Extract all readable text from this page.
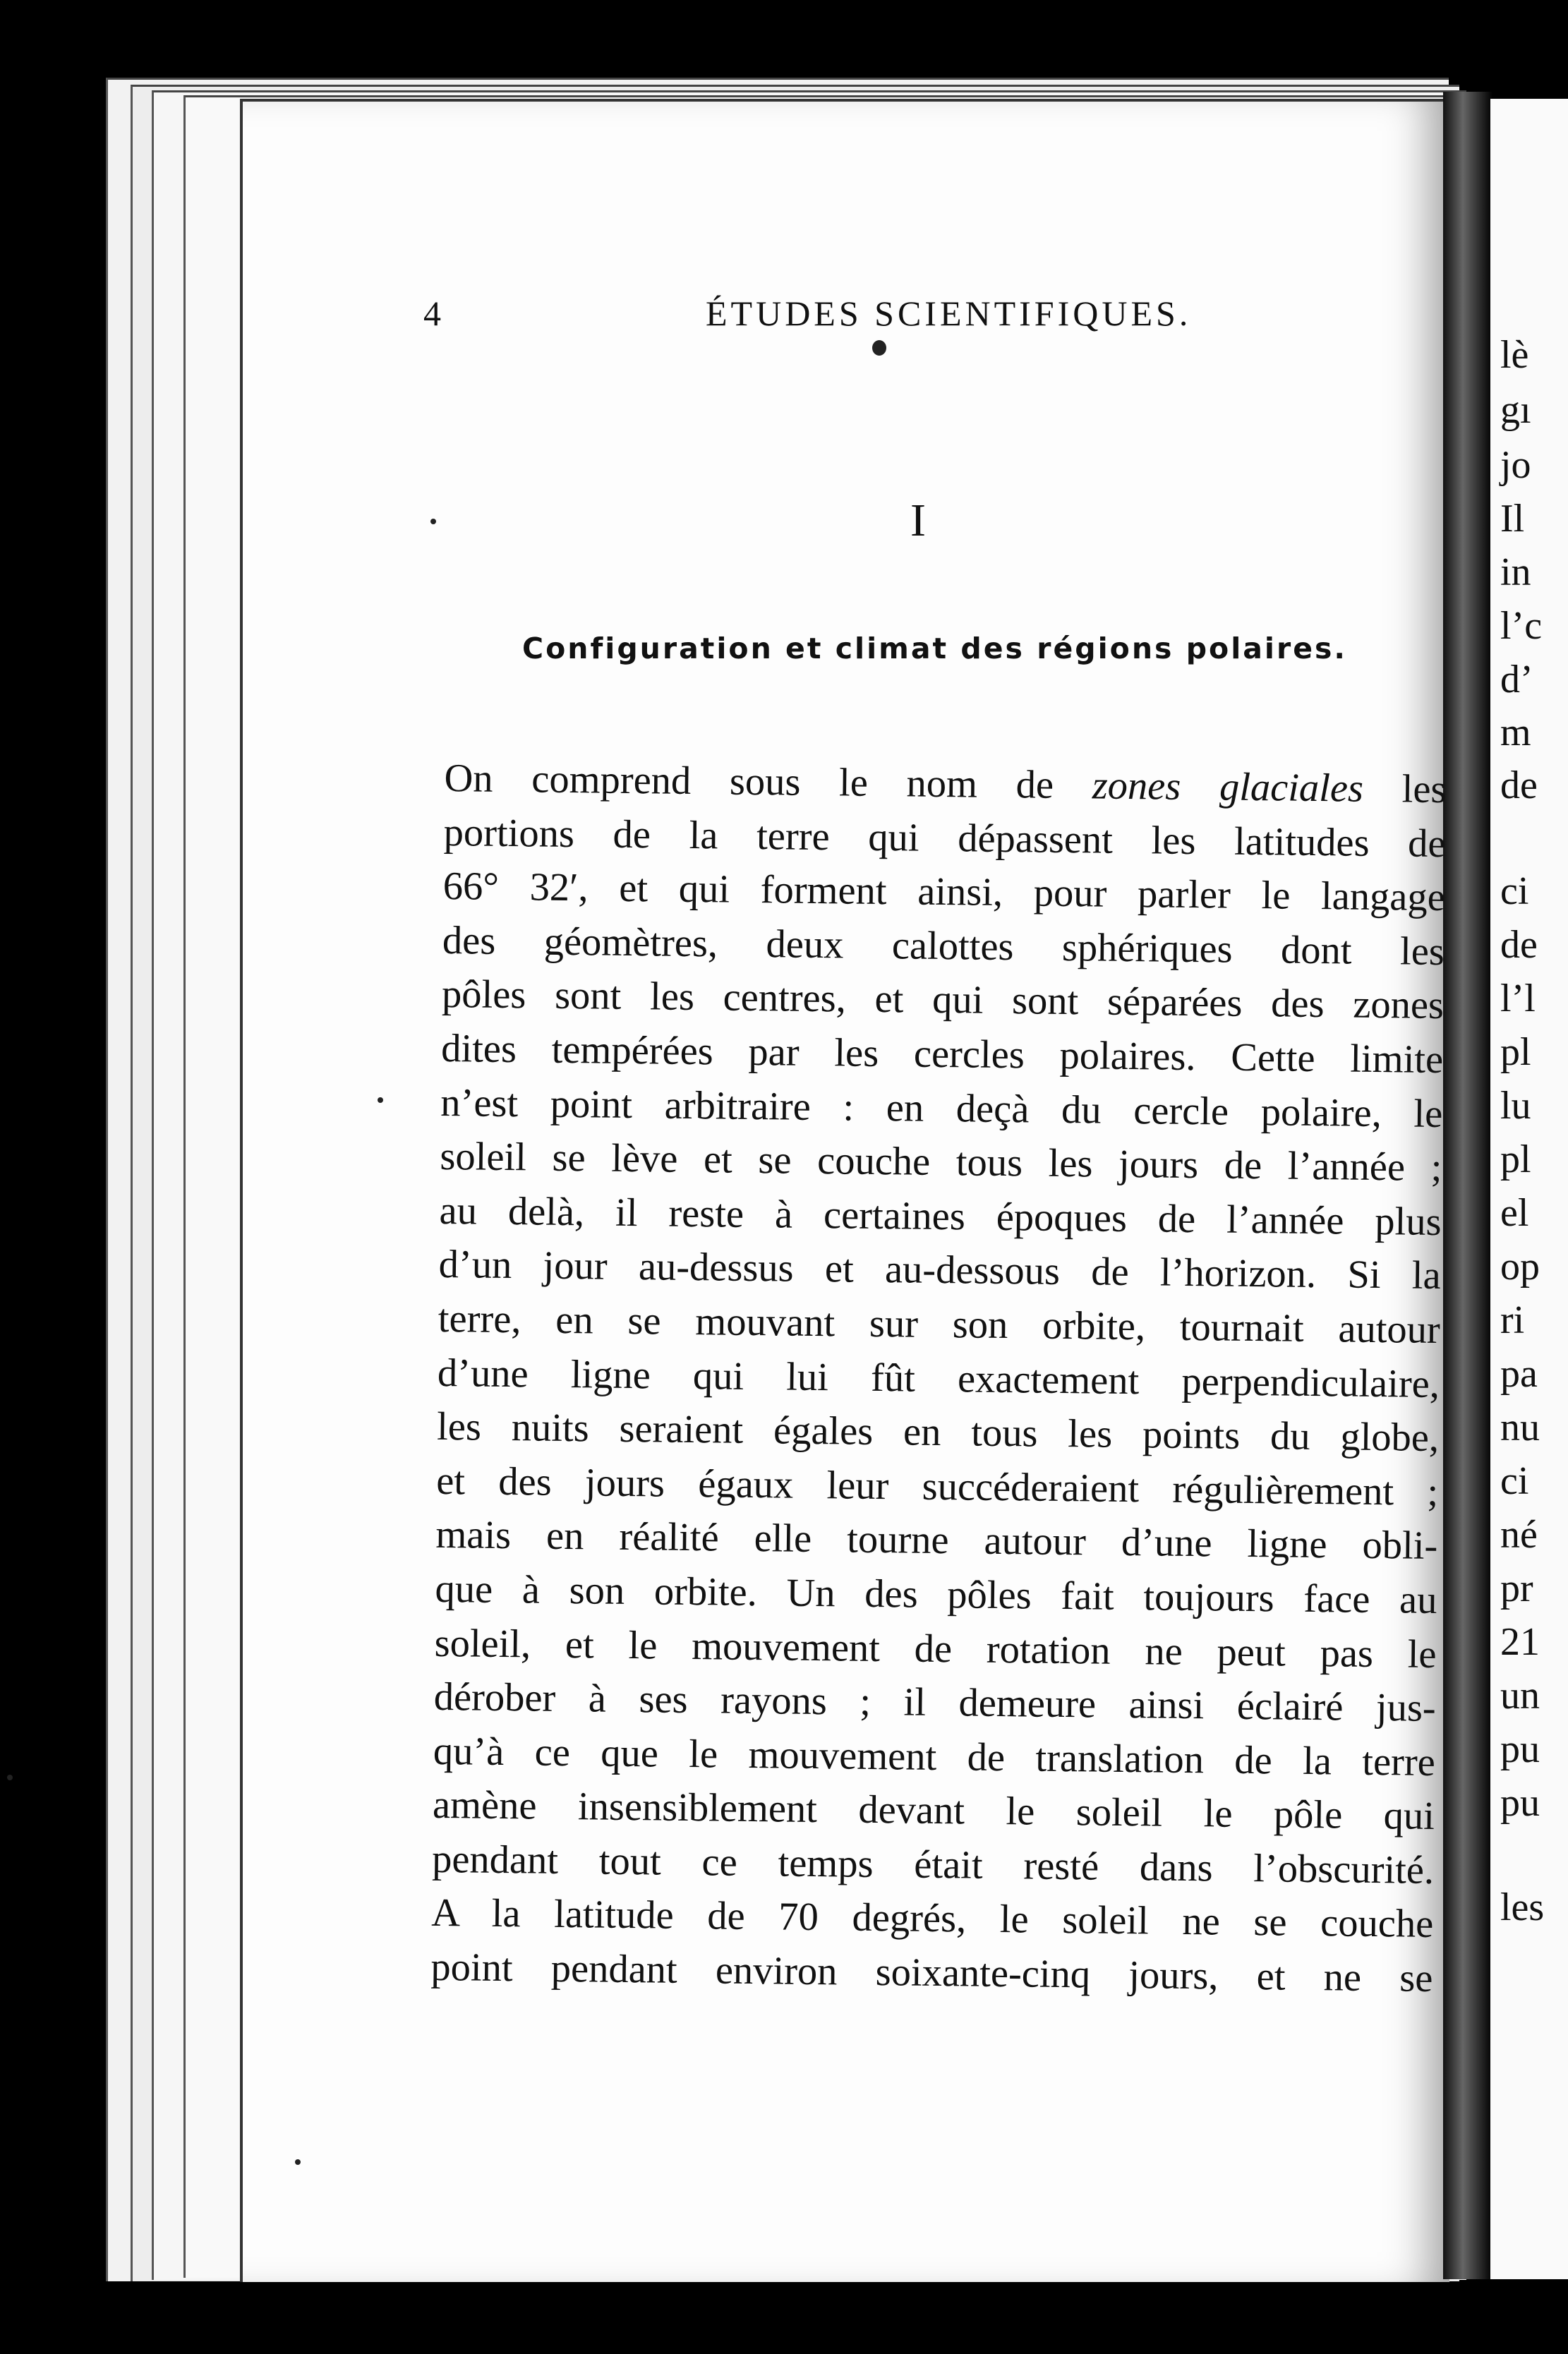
lè
gı
jo
Il
in
l’c
d’
m
de
ci
de
l’l
pl
lu
pl
el
op
ri
pa
nu
ci
né
pr
21
un
pu
pu
les
4	ÉTUDES SCIENTIFIQUES.
I
Configuration et climat des régions polaires.
On comprend sous le nom de zones glaciales les
portions de la terre qui dépassent les latitudes de
66° 32′, et qui forment ainsi, pour parler le langage
des géomètres, deux calottes sphériques dont les
pôles sont les centres, et qui sont séparées des zones
dites tempérées par les cercles polaires. Cette limite
n’est point arbitraire : en deçà du cercle polaire, le
soleil se lève et se couche tous les jours de l’année ;
au delà, il reste à certaines époques de l’année plus
d’un jour au-dessus et au-dessous de l’horizon. Si la
terre, en se mouvant sur son orbite, tournait autour
d’une ligne qui lui fût exactement perpendiculaire,
les nuits seraient égales en tous les points du globe,
et des jours égaux leur succéderaient régulièrement ;
mais en réalité elle tourne autour d’une ligne obli-
que à son orbite. Un des pôles fait toujours face au
soleil, et le mouvement de rotation ne peut pas le
dérober à ses rayons ; il demeure ainsi éclairé jus-
qu’à ce que le mouvement de translation de la terre
amène insensiblement devant le soleil le pôle qui
pendant tout ce temps était resté dans l’obscurité.
A la latitude de 70 degrés, le soleil ne se couche
point pendant environ soixante-cinq jours, et ne se
